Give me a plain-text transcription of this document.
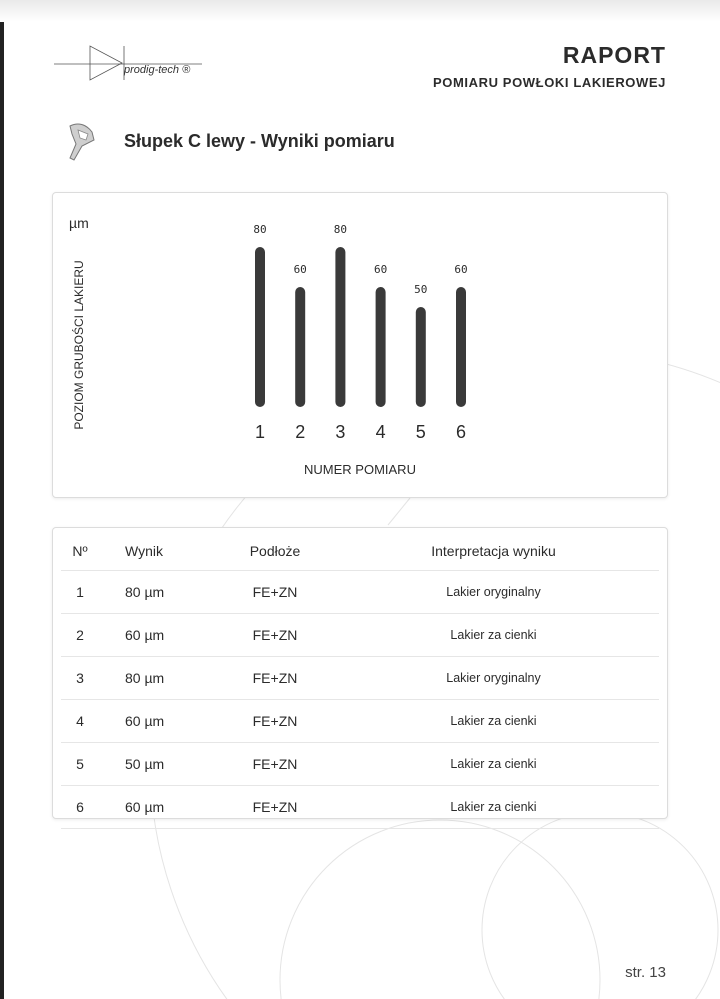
prodig-tech ®
RAPORT
POMIARU POWŁOKI LAKIEROWEJ
Słupek C lewy - Wyniki pomiaru
µm
POZIOM GRUBOŚCI LAKIERU
NUMER POMIARU
80
1
60
2
80
3
60
4
50
5
60
6
Nº	Wynik	Podłoże	Interpretacja wyniku
1	80 µm	FE+ZN	Lakier oryginalny
2	60 µm	FE+ZN	Lakier za cienki
3	80 µm	FE+ZN	Lakier oryginalny
4	60 µm	FE+ZN	Lakier za cienki
5	50 µm	FE+ZN	Lakier za cienki
6	60 µm	FE+ZN	Lakier za cienki
str. 13
